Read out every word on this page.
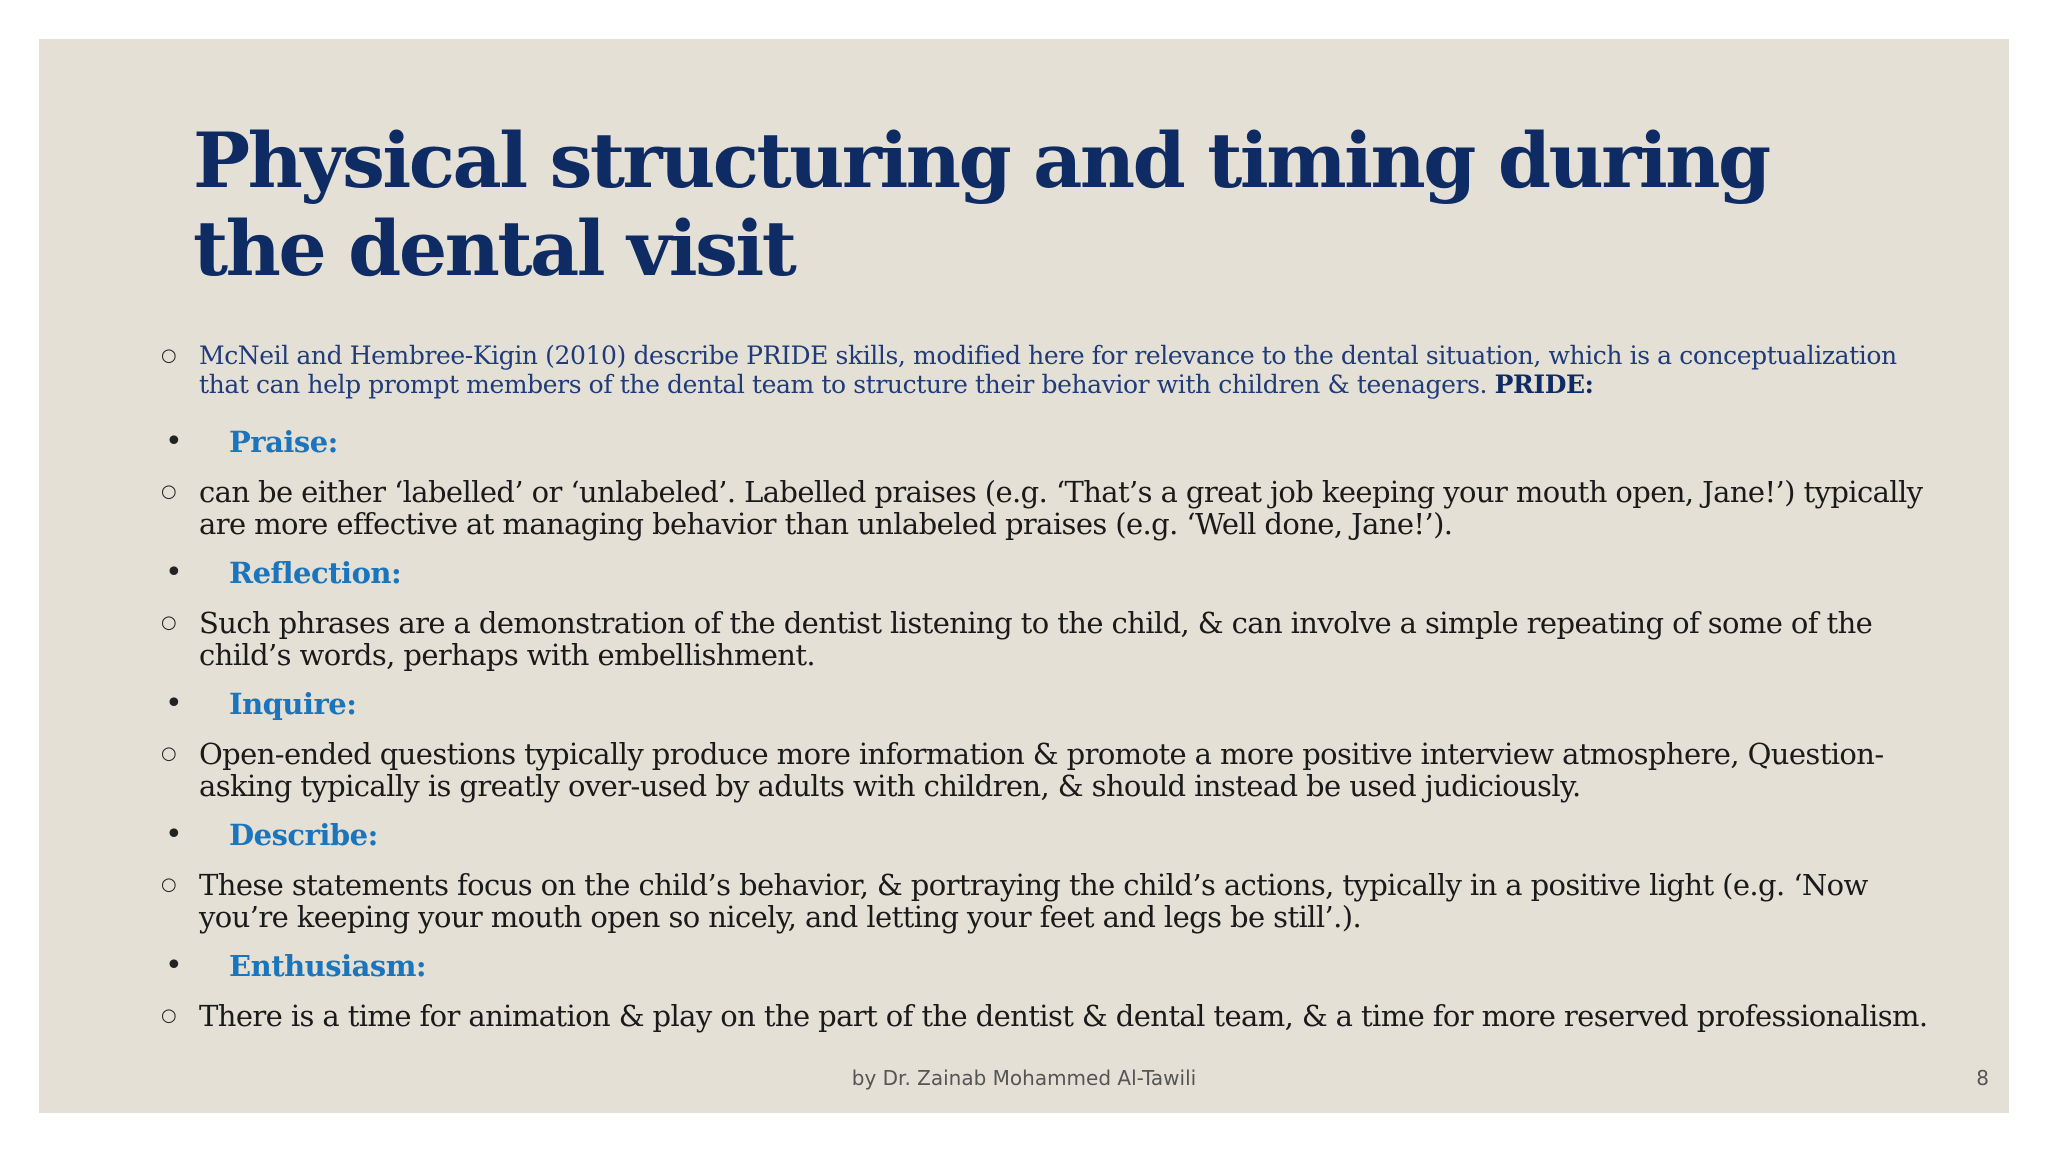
Physical structuring and timing during the dental visit
○ McNeil and Hembree-Kigin (2010) describe PRIDE skills, modified here for relevance to the dental situation, which is a conceptualization that can help prompt members of the dental team to structure their behavior with children & teenagers. PRIDE:
•	Praise:
○ can be either ‘labelled’ or ‘unlabeled’. Labelled praises (e.g. ‘That’s a great job keeping your mouth open, Jane!’) typically are more effective at managing behavior than unlabeled praises (e.g. ‘Well done, Jane!’).
•	Reflection:
○ Such phrases are a demonstration of the dentist listening to the child, & can involve a simple repeating of some of the child’s words, perhaps with embellishment.
•	Inquire:
○ Open-ended questions typically produce more information & promote a more positive interview atmosphere, Question-asking typically is greatly over-used by adults with children, & should instead be used judiciously.
•	Describe:
○ These statements focus on the child’s behavior, & portraying the child’s actions, typically in a positive light (e.g. ‘Now you’re keeping your mouth open so nicely, and letting your feet and legs be still’.).
•	Enthusiasm:
○ There is a time for animation & play on the part of the dentist & dental team, & a time for more reserved professionalism.
by Dr. Zainab Mohammed Al-Tawili	8
